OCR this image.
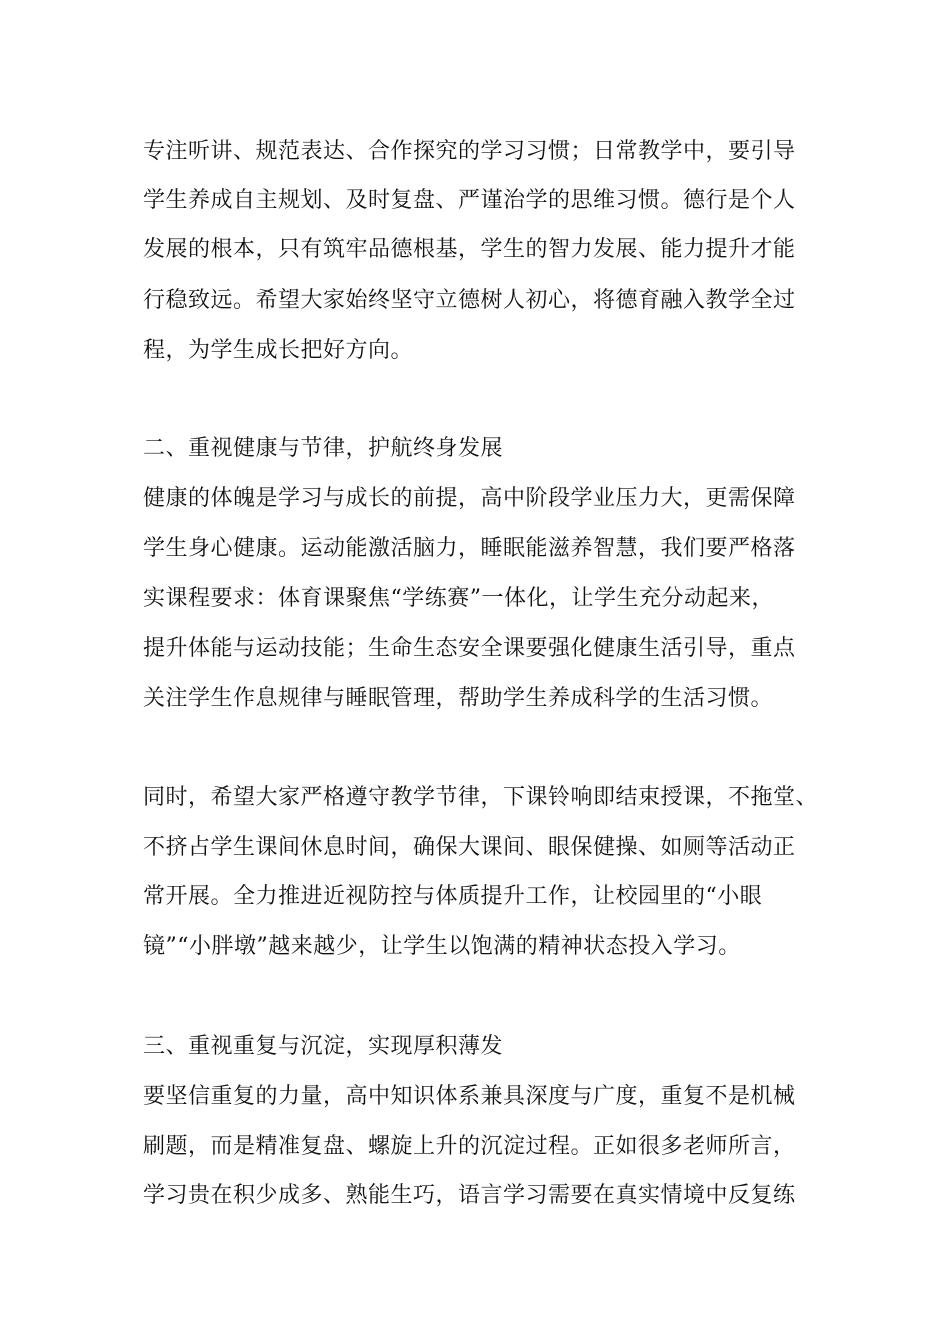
专注听讲、规范表达、合作探究的学习习惯；日常教学中，要引导
学生养成自主规划、及时复盘、严谨治学的思维习惯。德行是个人
发展的根本，只有筑牢品德根基，学生的智力发展、能力提升才能
行稳致远。希望大家始终坚守立德树人初心，将德育融入教学全过
程，为学生成长把好方向。
二、重视健康与节律，护航终身发展
健康的体魄是学习与成长的前提，高中阶段学业压力大，更需保障
学生身心健康。运动能激活脑力，睡眠能滋养智慧，我们要严格落
实课程要求：体育课聚焦“学练赛”一体化，让学生充分动起来，
提升体能与运动技能；生命生态安全课要强化健康生活引导，重点
关注学生作息规律与睡眠管理，帮助学生养成科学的生活习惯。
同时，希望大家严格遵守教学节律，下课铃响即结束授课，不拖堂、
不挤占学生课间休息时间，确保大课间、眼保健操、如厕等活动正
常开展。全力推进近视防控与体质提升工作，让校园里的“小眼
镜”“小胖墩”越来越少，让学生以饱满的精神状态投入学习。
三、重视重复与沉淀，实现厚积薄发
要坚信重复的力量，高中知识体系兼具深度与广度，重复不是机械
刷题，而是精准复盘、螺旋上升的沉淀过程。正如很多老师所言，
学习贵在积少成多、熟能生巧，语言学习需要在真实情境中反复练
